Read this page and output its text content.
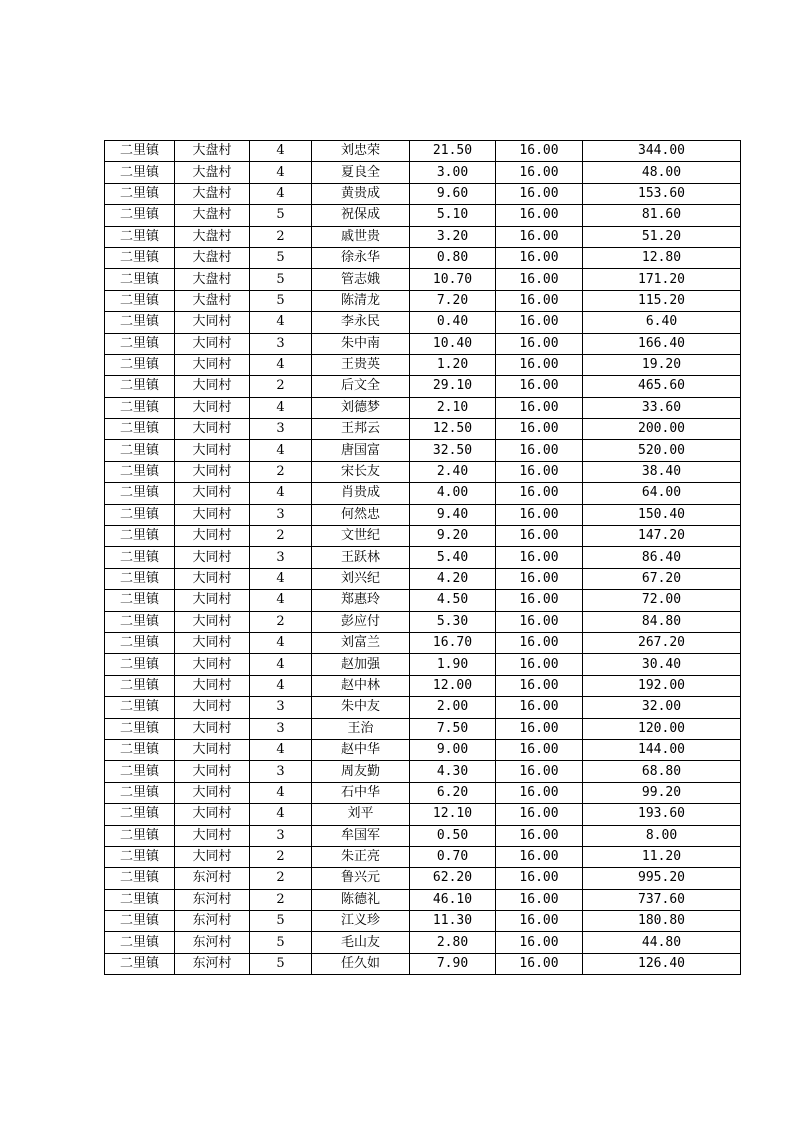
二里镇	大盘村	4	刘忠荣	21.50	16.00	344.00
二里镇	大盘村	4	夏良全	3.00	16.00	48.00
二里镇	大盘村	4	黄贵成	9.60	16.00	153.60
二里镇	大盘村	5	祝保成	5.10	16.00	81.60
二里镇	大盘村	2	戚世贵	3.20	16.00	51.20
二里镇	大盘村	5	徐永华	0.80	16.00	12.80
二里镇	大盘村	5	管志娥	10.70	16.00	171.20
二里镇	大盘村	5	陈清龙	7.20	16.00	115.20
二里镇	大同村	4	李永民	0.40	16.00	6.40
二里镇	大同村	3	朱中南	10.40	16.00	166.40
二里镇	大同村	4	王贵英	1.20	16.00	19.20
二里镇	大同村	2	后文全	29.10	16.00	465.60
二里镇	大同村	4	刘德梦	2.10	16.00	33.60
二里镇	大同村	3	王邦云	12.50	16.00	200.00
二里镇	大同村	4	唐国富	32.50	16.00	520.00
二里镇	大同村	2	宋长友	2.40	16.00	38.40
二里镇	大同村	4	肖贵成	4.00	16.00	64.00
二里镇	大同村	3	何然忠	9.40	16.00	150.40
二里镇	大同村	2	文世纪	9.20	16.00	147.20
二里镇	大同村	3	王跃林	5.40	16.00	86.40
二里镇	大同村	4	刘兴纪	4.20	16.00	67.20
二里镇	大同村	4	郑惠玲	4.50	16.00	72.00
二里镇	大同村	2	彭应付	5.30	16.00	84.80
二里镇	大同村	4	刘富兰	16.70	16.00	267.20
二里镇	大同村	4	赵加强	1.90	16.00	30.40
二里镇	大同村	4	赵中林	12.00	16.00	192.00
二里镇	大同村	3	朱中友	2.00	16.00	32.00
二里镇	大同村	3	王治	7.50	16.00	120.00
二里镇	大同村	4	赵中华	9.00	16.00	144.00
二里镇	大同村	3	周友勤	4.30	16.00	68.80
二里镇	大同村	4	石中华	6.20	16.00	99.20
二里镇	大同村	4	刘平	12.10	16.00	193.60
二里镇	大同村	3	牟国军	0.50	16.00	8.00
二里镇	大同村	2	朱正亮	0.70	16.00	11.20
二里镇	东河村	2	鲁兴元	62.20	16.00	995.20
二里镇	东河村	2	陈德礼	46.10	16.00	737.60
二里镇	东河村	5	江义珍	11.30	16.00	180.80
二里镇	东河村	5	毛山友	2.80	16.00	44.80
二里镇	东河村	5	任久如	7.90	16.00	126.40
